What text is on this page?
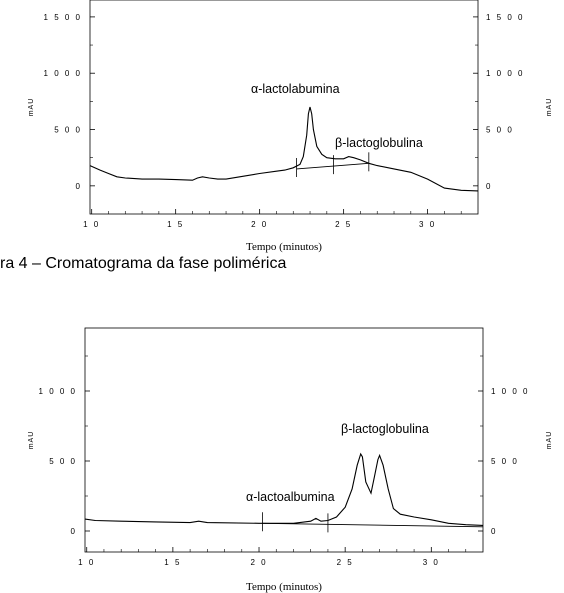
1 0	1 5	2 0	2 5	3 0
0	0
5 0 0	5 0 0
1 0 0 0	1 0 0 0
1 5 0 0	1 5 0 0
mAU	mAU
Tempo (minutos)
α-lactolabumina
β-lactoglobulina
1 0	1 5	2 0	2 5	3 0
0	0
5 0 0	5 0 0
1 0 0 0	1 0 0 0
mAU	mAU
Tempo (minutos)
α-lactoalbumina
β-lactoglobulina
ra 4 – Cromatograma da fase polimérica
